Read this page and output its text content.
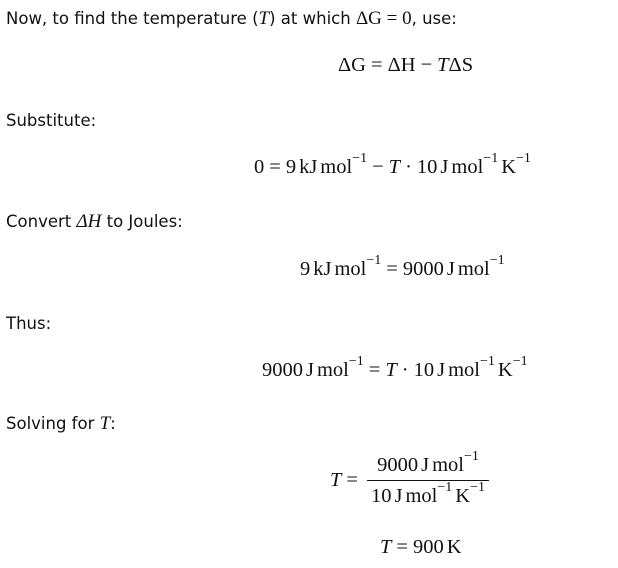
Now, to find the temperature (T) at which ΔG = 0, use:
ΔG = ΔH − TΔS
Substitute:
0 = 9 kJ mol$^{-1}$ − T · 10 J mol$^{-1}$ $K^{-1}$
Convert ΔH to Joules:
9 kJ mol$^{-1}$ = 9000 J mol$^{-1}$
Thus:
9000 J mol$^{-1}$ = T · 10 J mol$^{-1}$ $K^{-1}$
Solving for T:
$T = \frac{9000 J mol^{-1}}{10 J mol^{-1} K^{-1}}$
T = 900 K
